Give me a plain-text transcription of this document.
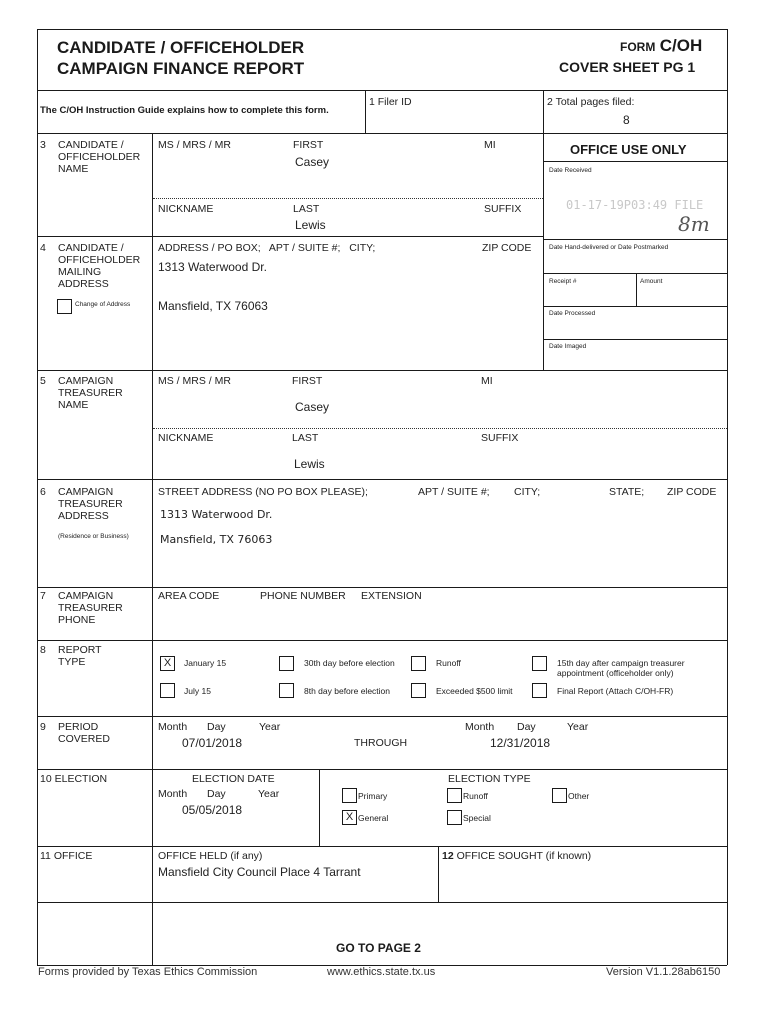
CANDIDATE / OFFICEHOLDER
CAMPAIGN FINANCE REPORT
FORM C/OH
COVER SHEET PG 1
The C/OH Instruction Guide explains how to complete this form.
1 Filer ID	2 Total pages filed:
8
OFFICE USE ONLY
Date Received
01-17-19P03:49 FILE
8m
Date Hand-delivered or Date Postmarked
Receipt #	Amount
Date Processed
Date Imaged
3 CANDIDATE /
OFFICEHOLDER
NAME
MS / MRS / MR	FIRST	MI
Casey
NICKNAME	LAST	SUFFIX
Lewis
4 CANDIDATE /
OFFICEHOLDER
MAILING
ADDRESS
Change of Address
ADDRESS / PO BOX;   APT / SUITE #;   CITY;	ZIP CODE
1313 Waterwood Dr.
Mansfield, TX 76063
5 CAMPAIGN
TREASURER
NAME
MS / MRS / MR	FIRST	MI
Casey
NICKNAME	LAST	SUFFIX
Lewis
6 CAMPAIGN
TREASURER
ADDRESS
(Residence or Business)
STREET ADDRESS (NO PO BOX PLEASE);	APT / SUITE #; CITY;	STATE; ZIP CODE
1313 Waterwood Dr.
Mansfield, TX 76063
7 CAMPAIGN
TREASURER
PHONE
AREA CODE	PHONE NUMBER EXTENSION
8 REPORT
TYPE	X	January 15	30th day before election	Runoff	15th day after campaign treasurer
appointment (officeholder only)
July 15	8th day before election	Exceeded $500 limit	Final Report (Attach C/OH-FR)
9 PERIOD
COVERED
Month Day	Year
07/01/2018	THROUGH
Month Day	Year
12/31/2018
10 ELECTION	ELECTION DATE
Month Day	Year
05/05/2018
ELECTION TYPE
Primary	Runoff	Other
X General	Special
11 OFFICE	OFFICE HELD (if any)
Mansfield City Council Place 4 Tarrant
12 OFFICE SOUGHT (if known)
GO TO PAGE 2
Forms provided by Texas Ethics Commission	www.ethics.state.tx.us	Version V1.1.28ab6150
